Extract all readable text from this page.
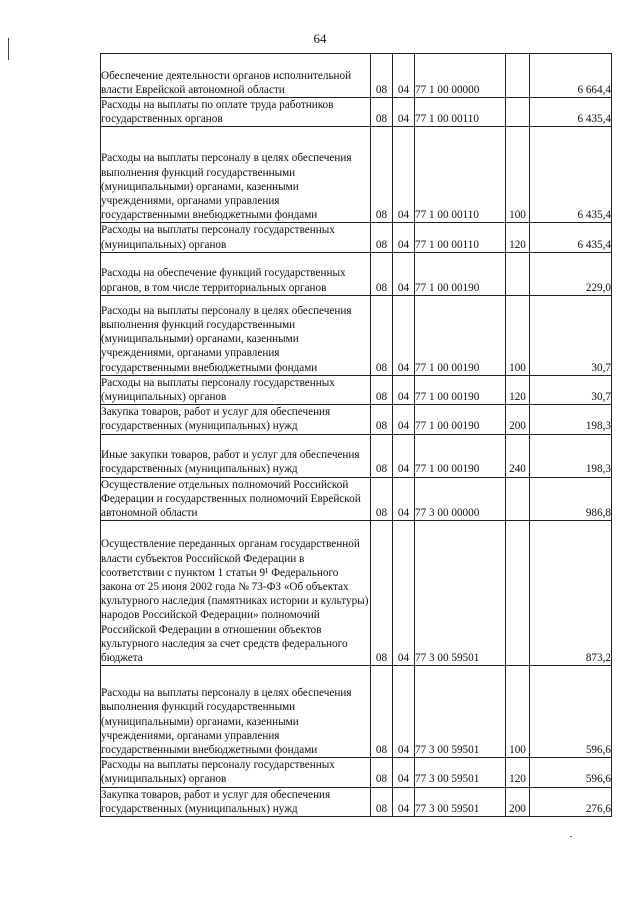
64
Обеспечение деятельности органов исполнительной власти Еврейской автономной области	08	04	77 1 00 00000		6 664,4
Расходы на выплаты по оплате труда работников государственных органов	08	04	77 1 00 00110		6 435,4
Расходы на выплаты персоналу в целях обеспечения выполнения функций государственными (муниципальными) органами, казенными учреждениями, органами управления государственными внебюджетными фондами	08	04	77 1 00 00110	100	6 435,4
Расходы на выплаты персоналу государственных (муниципальных) органов	08	04	77 1 00 00110	120	6 435,4
Расходы на обеспечение функций государственных органов, в том числе территориальных органов	08	04	77 1 00 00190		229,0
Расходы на выплаты персоналу в целях обеспечения выполнения функций государственными (муниципальными) органами, казенными учреждениями, органами управления государственными внебюджетными фондами	08	04	77 1 00 00190	100	30,7
Расходы на выплаты персоналу государственных (муниципальных) органов	08	04	77 1 00 00190	120	30,7
Закупка товаров, работ и услуг для обеспечения государственных (муниципальных) нужд	08	04	77 1 00 00190	200	198,3
Иные закупки товаров, работ и услуг для обеспечения государственных (муниципальных) нужд	08	04	77 1 00 00190	240	198,3
Осуществление отдельных полномочий Российской Федерации и государственных полномочий Еврейской автономной области	08	04	77 3 00 00000		986,8
Осуществление переданных органам государственной власти субъектов Российской Федерации в соответствии с пунктом 1 статьи 9¹ Федерального закона от 25 июня 2002 года № 73-ФЗ «Об объектах культурного наследия (памятниках истории и культуры) народов Российской Федерации» полномочий Российской Федерации в отношении объектов культурного наследия за счет средств федерального бюджета	08	04	77 3 00 59501		873,2
Расходы на выплаты персоналу в целях обеспечения выполнения функций государственными (муниципальными) органами, казенными учреждениями, органами управления государственными внебюджетными фондами	08	04	77 3 00 59501	100	596,6
Расходы на выплаты персоналу государственных (муниципальных) органов	08	04	77 3 00 59501	120	596,6
Закупка товаров, работ и услуг для обеспечения государственных (муниципальных) нужд	08	04	77 3 00 59501	200	276,6
